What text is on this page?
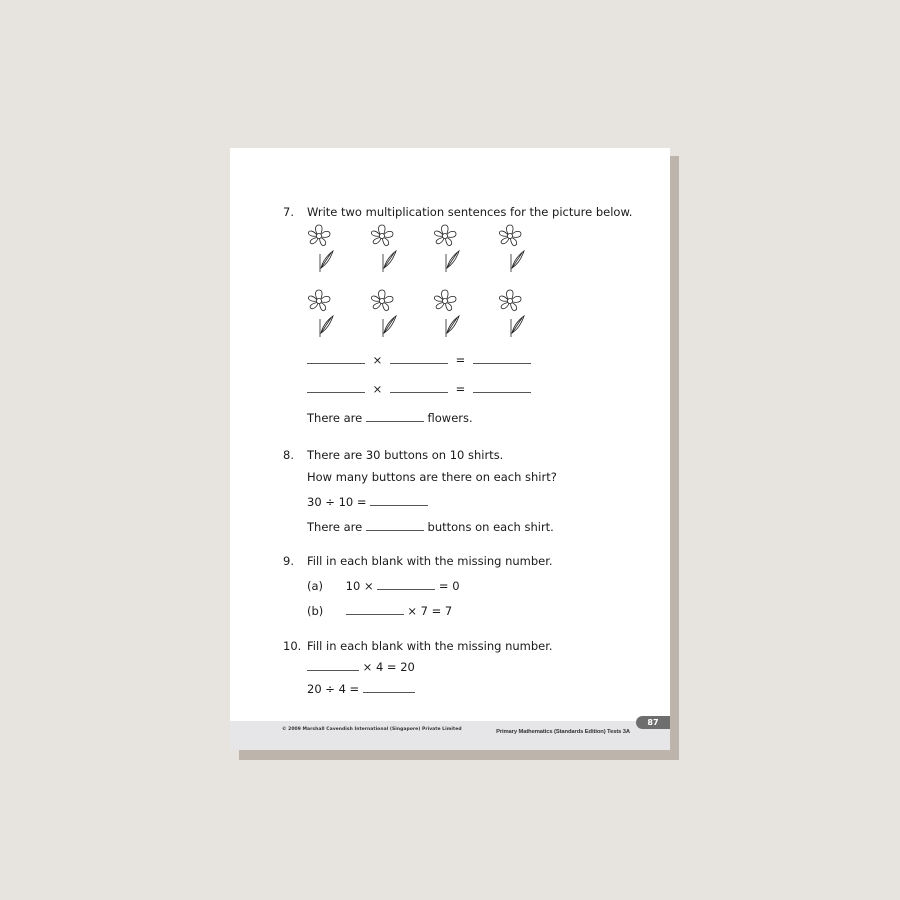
7. Write two multiplication sentences for the picture below.
×	=
×	=
There are	flowers.
8. There are 30 buttons on 10 shirts.
How many buttons are there on each shirt?
30 ÷ 10 =
There are	buttons on each shirt.
9. Fill in each blank with the missing number.
(a) 10 ×	= 0
(b)	× 7 = 7
10. Fill in each blank with the missing number.
× 4 = 20
20 ÷ 4 =
© 2009 Marshall Cavendish International (Singapore) Private Limited	Primary Mathematics (Standards Edition) Tests 3A
87
